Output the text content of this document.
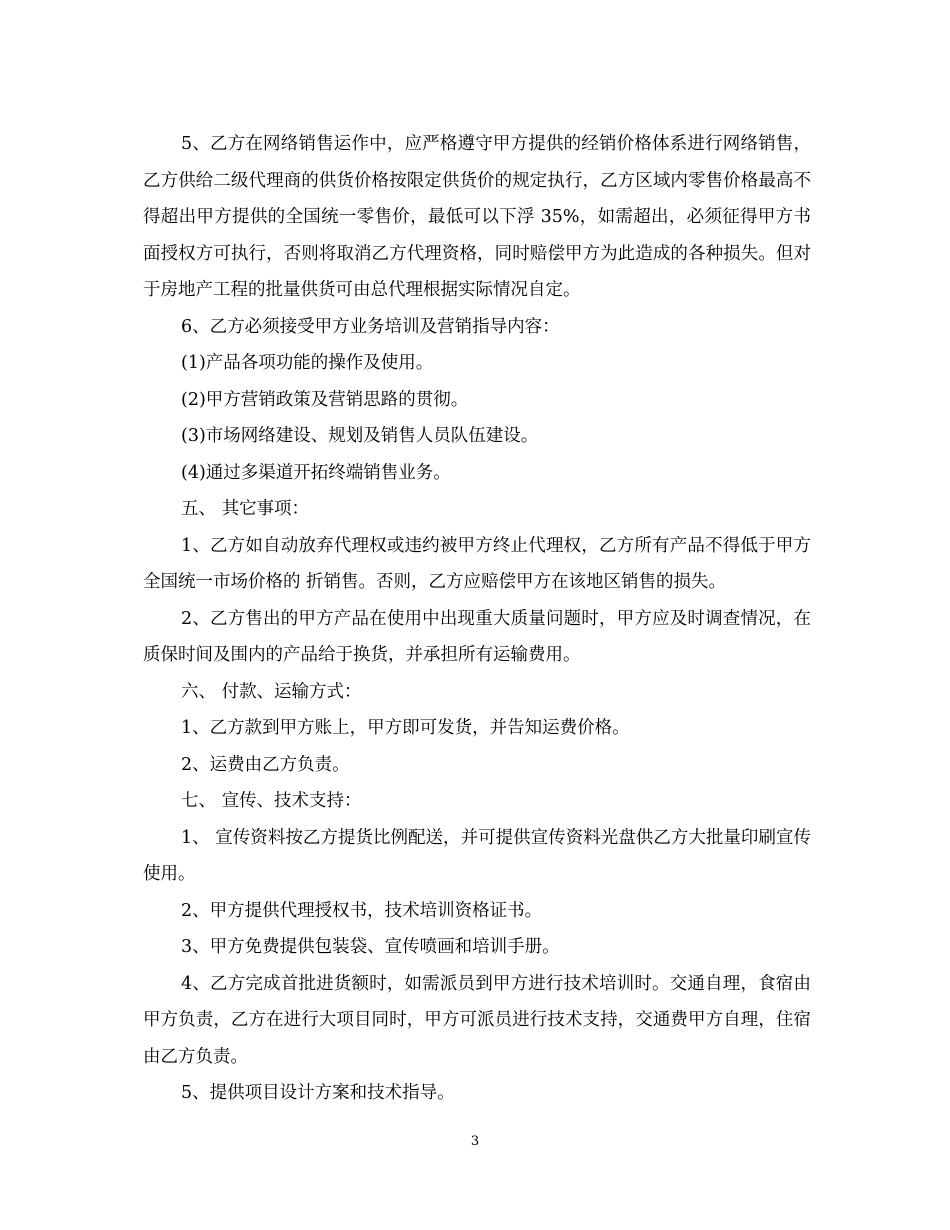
5、乙方在网络销售运作中，应严格遵守甲方提供的经销价格体系进行网络销售，乙方供给二级代理商的供货价格按限定供货价的规定执行，乙方区域内零售价格最高不得超出甲方提供的全国统一零售价，最低可以下浮 35%，如需超出，必须征得甲方书面授权方可执行，否则将取消乙方代理资格，同时赔偿甲方为此造成的各种损失。但对于房地产工程的批量供货可由总代理根据实际情况自定。

6、乙方必须接受甲方业务培训及营销指导内容：

(1)产品各项功能的操作及使用。

(2)甲方营销政策及营销思路的贯彻。

(3)市场网络建设、规划及销售人员队伍建设。

(4)通过多渠道开拓终端销售业务。

五、 其它事项：

1、乙方如自动放弃代理权或违约被甲方终止代理权，乙方所有产品不得低于甲方全国统一市场价格的 折销售。否则，乙方应赔偿甲方在该地区销售的损失。

2、乙方售出的甲方产品在使用中出现重大质量问题时，甲方应及时调查情况，在质保时间及围内的产品给于换货，并承担所有运输费用。

六、 付款、运输方式：

1、乙方款到甲方账上，甲方即可发货，并告知运费价格。

2、运费由乙方负责。

七、 宣传、技术支持：

1、 宣传资料按乙方提货比例配送，并可提供宣传资料光盘供乙方大批量印刷宣传使用。

2、甲方提供代理授权书，技术培训资格证书。

3、甲方免费提供包装袋、宣传喷画和培训手册。

4、乙方完成首批进货额时，如需派员到甲方进行技术培训时。交通自理，食宿由甲方负责，乙方在进行大项目同时，甲方可派员进行技术支持，交通费甲方自理，住宿由乙方负责。

5、提供项目设计方案和技术指导。

3
